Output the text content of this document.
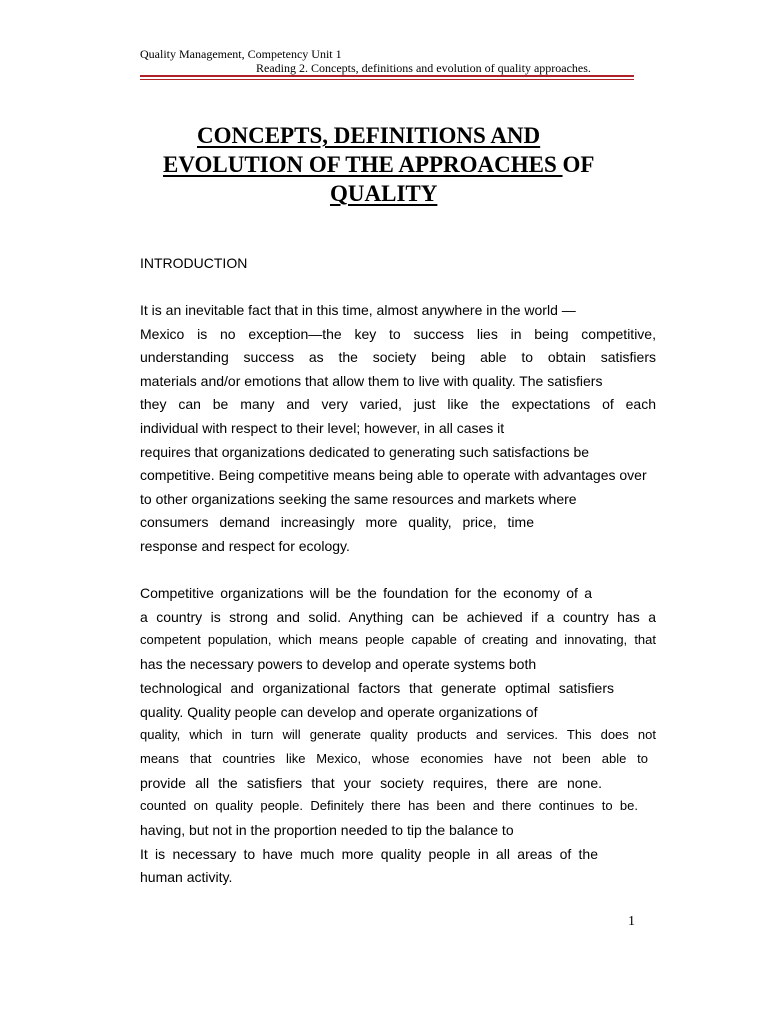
Quality Management, Competency Unit 1
Reading 2. Concepts, definitions and evolution of quality approaches.
CONCEPTS, DEFINITIONS AND
EVOLUTION OF THE APPROACHES OF
QUALITY
INTRODUCTION
It is an inevitable fact that in this time, almost anywhere in the world —
Mexico is no exception—the key to success lies in being competitive,
understanding success as the society being able to obtain satisfiers
materials and/or emotions that allow them to live with quality. The satisfiers
they can be many and very varied, just like the expectations of each
individual with respect to their level; however, in all cases it
requires that organizations dedicated to generating such satisfactions be
competitive. Being competitive means being able to operate with advantages over
to other organizations seeking the same resources and markets where
consumers demand increasingly more quality, price, time
response and respect for ecology.
Competitive organizations will be the foundation for the economy of a
a country is strong and solid. Anything can be achieved if a country has a
competent population, which means people capable of creating and innovating, that
has the necessary powers to develop and operate systems both
technological and organizational factors that generate optimal satisfiers
quality. Quality people can develop and operate organizations of
quality, which in turn will generate quality products and services. This does not
means that countries like Mexico, whose economies have not been able to
provide all the satisfiers that your society requires, there are none.
counted on quality people. Definitely there has been and there continues to be.
having, but not in the proportion needed to tip the balance to
It is necessary to have much more quality people in all areas of the
human activity.
1
